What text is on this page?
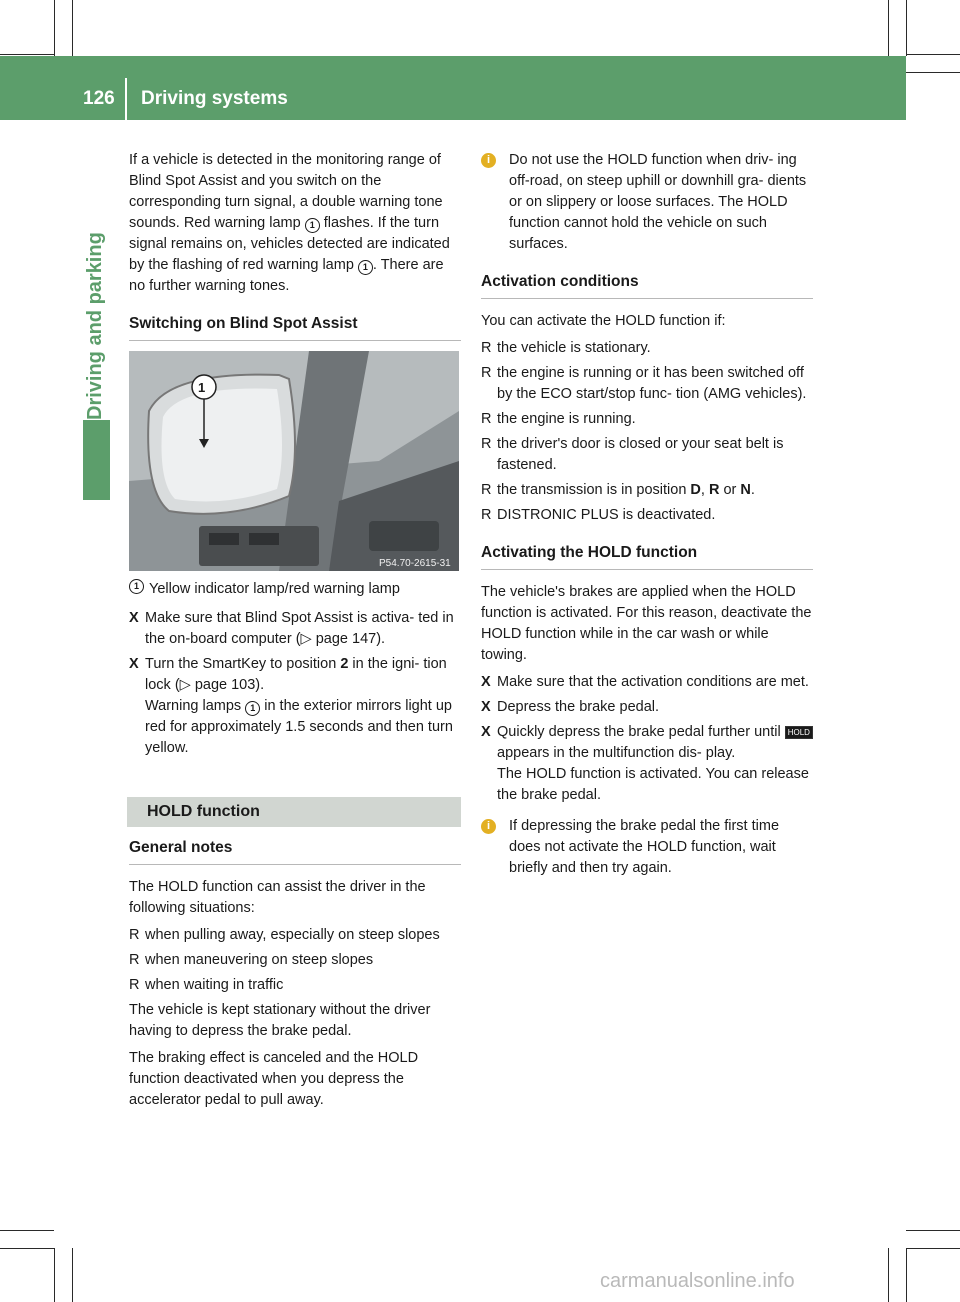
126 Driving systems
Driving and parking

If a vehicle is detected in the monitoring range of Blind Spot Assist and you switch on the corresponding turn signal, a double warning tone sounds. Red warning lamp 1 flashes. If the turn signal remains on, vehicles detected are indicated by the flashing of red warning lamp 1 . There are no further warning tones.

Switching on Blind Spot Assist
1
P54.70-2615-31
1 Yellow indicator lamp/red warning lamp
X Make sure that Blind Spot Assist is activa- ted in the on-board computer (▷ page 147).
X Turn the SmartKey to position 2 in the igni- tion lock (▷ page 103).
Warning lamps 1 in the exterior mirrors light up red for approximately 1.5 seconds and then turn yellow.
HOLD function
General notes

The HOLD function can assist the driver in the following situations:

R when pulling away, especially on steep slopes
R when maneuvering on steep slopes
R when waiting in traffic

The vehicle is kept stationary without the driver having to depress the brake pedal.

The braking effect is canceled and the HOLD function deactivated when you depress the accelerator pedal to pull away.

i	Do not use the HOLD function when driv- ing off-road, on steep uphill or downhill gra- dients or on slippery or loose surfaces. The HOLD function cannot hold the vehicle on such surfaces.
Activation conditions

You can activate the HOLD function if:

R the vehicle is stationary.
R the engine is running or it has been switched off by the ECO start/stop func- tion (AMG vehicles).
R the engine is running.
R the driver's door is closed or your seat belt is fastened.
R the transmission is in position D, R or N.
R DISTRONIC PLUS is deactivated.
Activating the HOLD function

The vehicle's brakes are applied when the HOLD function is activated. For this reason, deactivate the HOLD function while in the car wash or while towing.

X Make sure that the activation conditions are met.
X Depress the brake pedal.
X Quickly depress the brake pedal further until HOLD appears in the multifunction dis- play.
The HOLD function is activated. You can release the brake pedal.
i	If depressing the brake pedal the first time does not activate the HOLD function, wait briefly and then try again.
carmanualsonline.info
